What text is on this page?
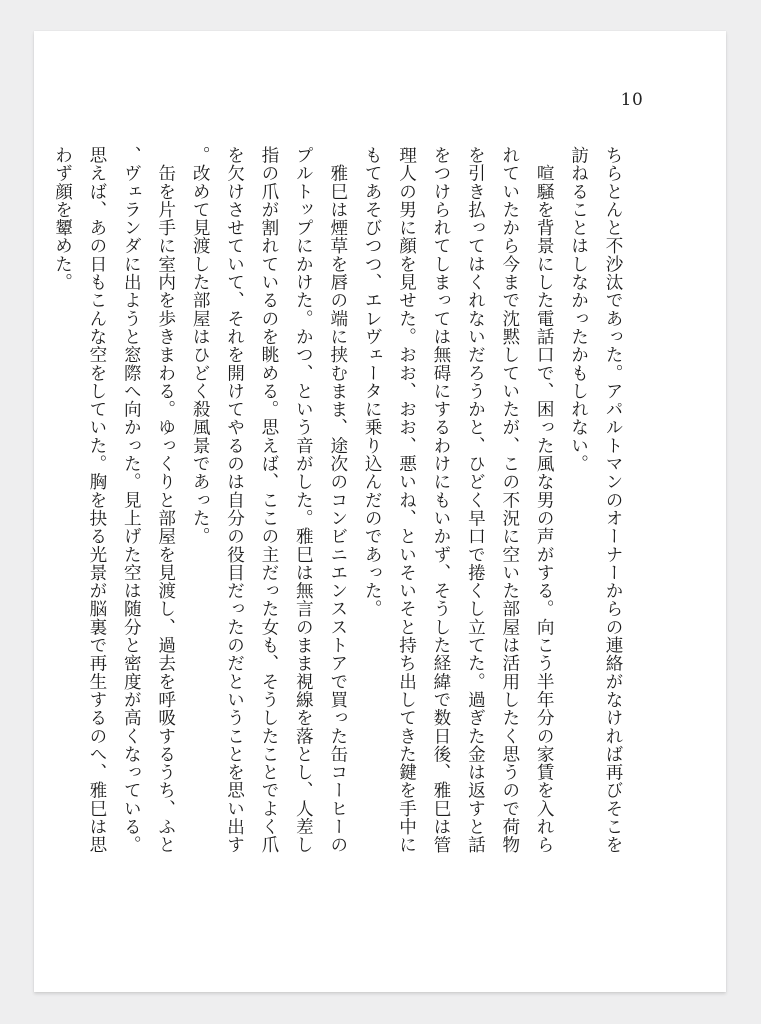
10

ちらとんと不沙汰であった。アパルトマンのオーナーからの連絡がなければ再びそこを訪ねることはしなかったかもしれない。

　喧騒を背景にした電話口で、困った風な男の声がする。向こう半年分の家賃を入れられていたから今まで沈黙していたが、この不況に空いた部屋は活用したく思うので荷物を引き払ってはくれないだろうかと、ひどく早口で捲くし立てた。過ぎた金は返すと話をつけられてしまっては無碍にするわけにもいかず、そうした経緯で数日後、雅巳は管理人の男に顔を見せた。おお、おお、悪いね、といそいそと持ち出してきた鍵を手中にもてあそびつつ、エレヴェータに乗り込んだのであった。

　雅巳は煙草を唇の端に挟むまま、途次のコンビニエンスストアで買った缶コーヒーのプルトップにかけた。かつ、という音がした。雅巳は無言のまま視線を落とし、人差し指の爪が割れているのを眺める。思えば、ここの主だった女も、そうしたことでよく爪を欠けさせていて、それを開けてやるのは自分の役目だったのだということを思い出す。改めて見渡した部屋はひどく殺風景であった。

　缶を片手に室内を歩きまわる。ゆっくりと部屋を見渡し、過去を呼吸するうち、ふと、ヴェランダに出ようと窓際へ向かった。見上げた空は随分と密度が高くなっている。思えば、あの日もこんな空をしていた。胸を抉る光景が脳裏で再生するのへ、雅巳は思わず顔を顰めた。
